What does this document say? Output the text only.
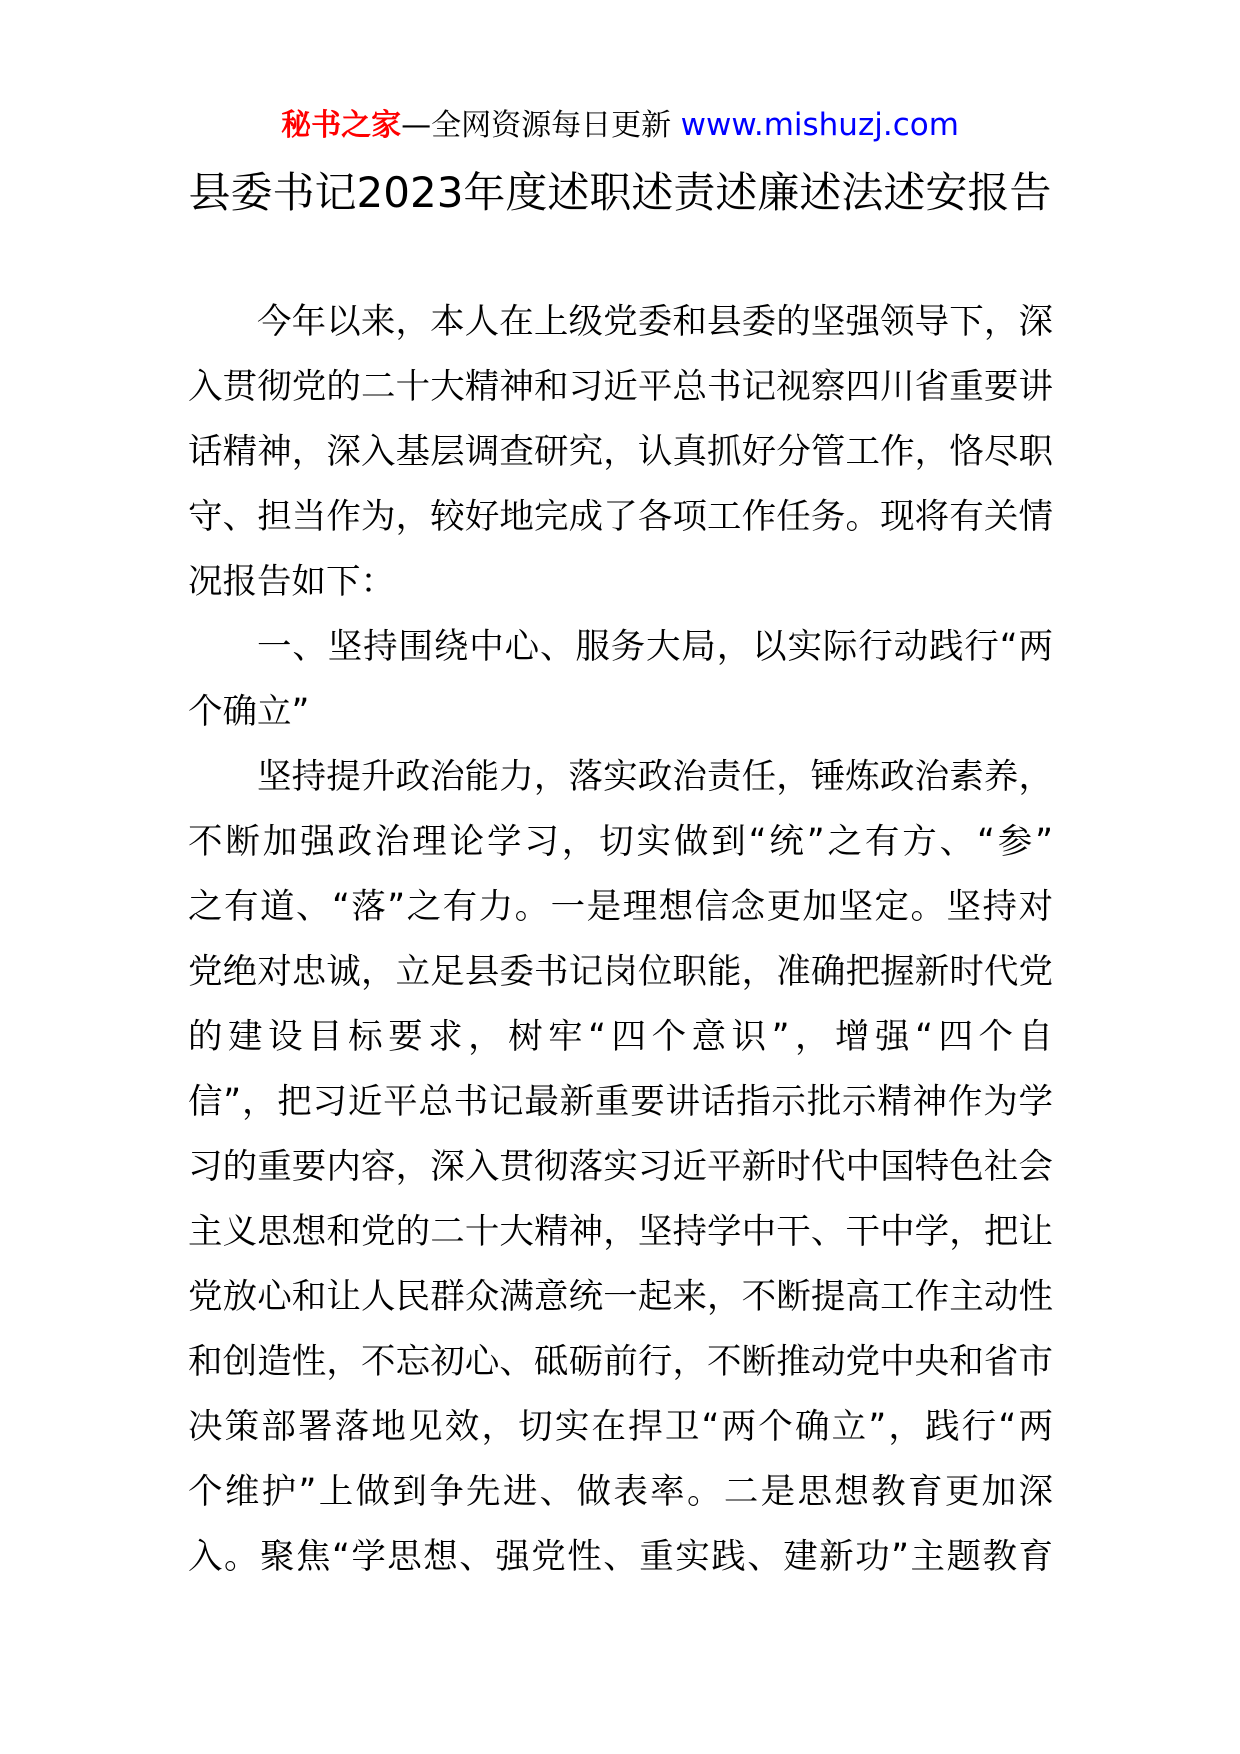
秘书之家—全网资源每日更新 www.mishuzj.com
县委书记2023年度述职述责述廉述法述安报告
今年以来，本人在上级党委和县委的坚强领导下，深
入贯彻党的二十大精神和习近平总书记视察四川省重要讲
话精神，深入基层调查研究，认真抓好分管工作，恪尽职
守、担当作为，较好地完成了各项工作任务。现将有关情
况报告如下：
一、坚持围绕中心、服务大局，以实际行动践行“两
个确立”
坚持提升政治能力，落实政治责任，锤炼政治素养，
不断加强政治理论学习，切实做到“统”之有方、“参”
之有道、“落”之有力。一是理想信念更加坚定。坚持对
党绝对忠诚，立足县委书记岗位职能，准确把握新时代党
的建设目标要求，树牢“四个意识”，增强“四个自
信”，把习近平总书记最新重要讲话指示批示精神作为学
习的重要内容，深入贯彻落实习近平新时代中国特色社会
主义思想和党的二十大精神，坚持学中干、干中学，把让
党放心和让人民群众满意统一起来，不断提高工作主动性
和创造性，不忘初心、砥砺前行，不断推动党中央和省市
决策部署落地见效，切实在捍卫“两个确立”，践行“两
个维护”上做到争先进、做表率。二是思想教育更加深
入。聚焦“学思想、强党性、重实践、建新功”主题教育
